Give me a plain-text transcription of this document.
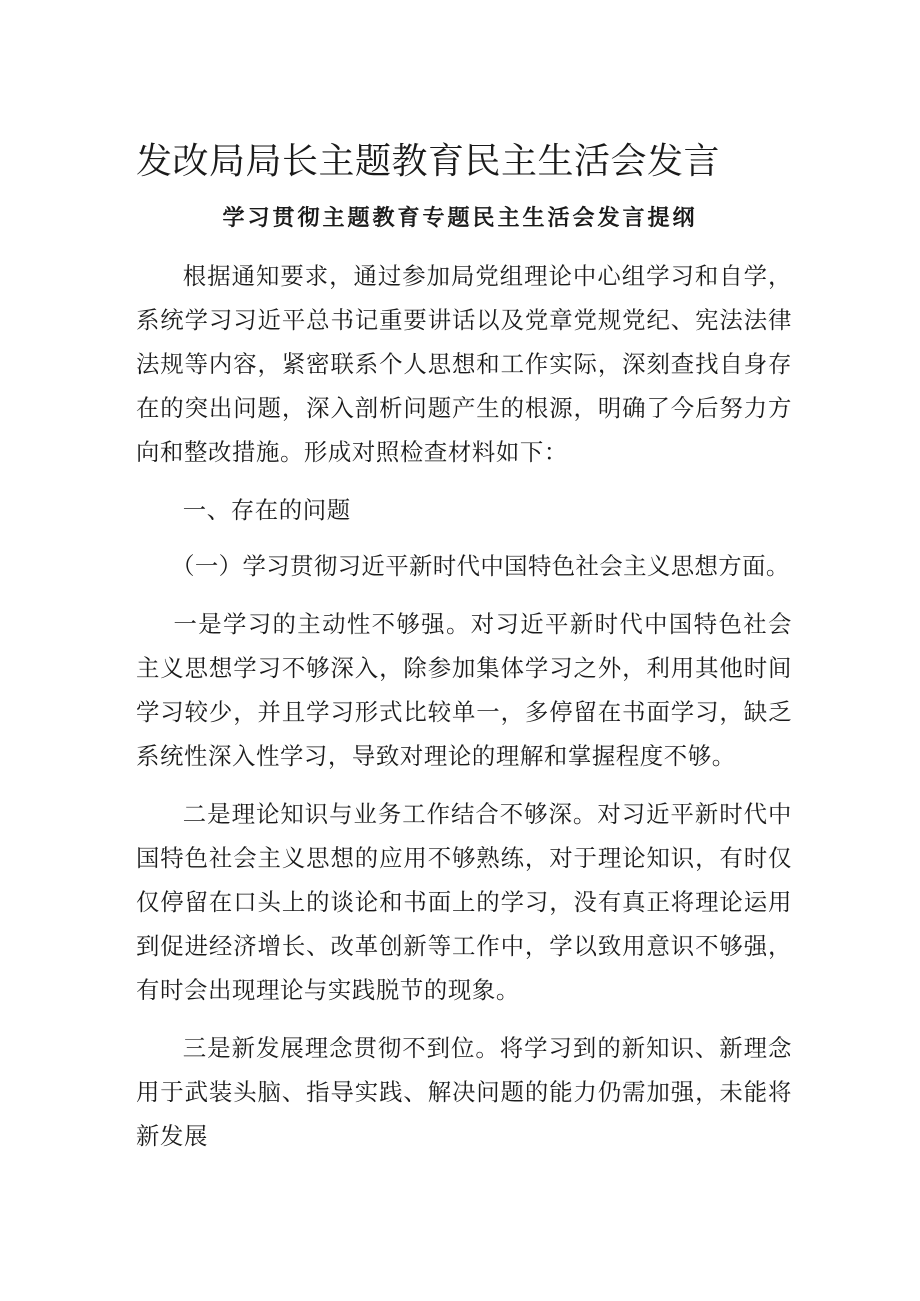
发改局局长主题教育民主生活会发言
学习贯彻主题教育专题民主生活会发言提纲

根据通知要求，通过参加局党组理论中心组学习和自学，系统学习习近平总书记重要讲话以及党章党规党纪、宪法法律法规等内容，紧密联系个人思想和工作实际，深刻查找自身存在的突出问题，深入剖析问题产生的根源，明确了今后努力方向和整改措施。形成对照检查材料如下：

一、存在的问题

（一）学习贯彻习近平新时代中国特色社会主义思想方面。

一是学习的主动性不够强。对习近平新时代中国特色社会主义思想学习不够深入，除参加集体学习之外，利用其他时间学习较少，并且学习形式比较单一，多停留在书面学习，缺乏系统性深入性学习，导致对理论的理解和掌握程度不够。

二是理论知识与业务工作结合不够深。对习近平新时代中国特色社会主义思想的应用不够熟练，对于理论知识，有时仅仅停留在口头上的谈论和书面上的学习，没有真正将理论运用到促进经济增长、改革创新等工作中，学以致用意识不够强，有时会出现理论与实践脱节的现象。

三是新发展理念贯彻不到位。将学习到的新知识、新理念用于武装头脑、指导实践、解决问题的能力仍需加强，未能将新发展
